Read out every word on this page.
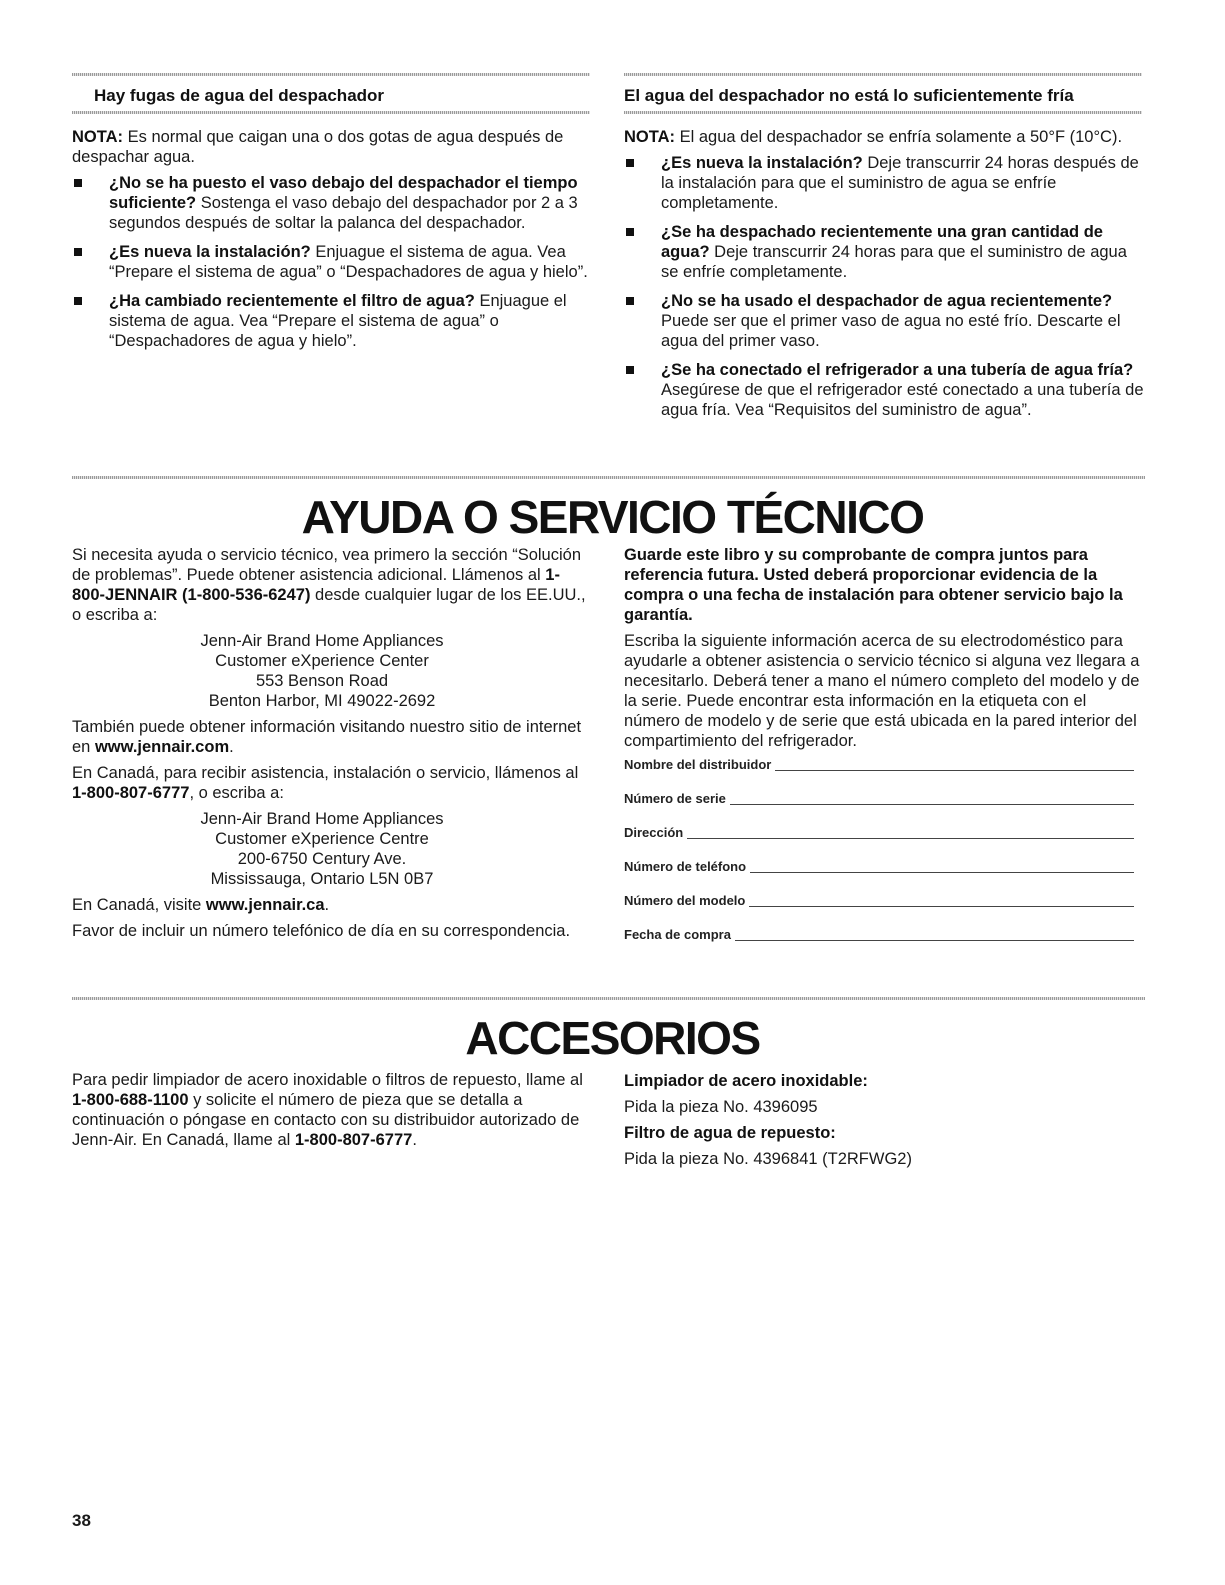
Hay fugas de agua del despachador

NOTA: Es normal que caigan una o dos gotas de agua después de despachar agua.

¿No se ha puesto el vaso debajo del despachador el tiempo suficiente? Sostenga el vaso debajo del despachador por 2 a 3 segundos después de soltar la palanca del despachador.
¿Es nueva la instalación? Enjuague el sistema de agua. Vea “Prepare el sistema de agua” o “Despachadores de agua y hielo”.
¿Ha cambiado recientemente el filtro de agua? Enjuague el sistema de agua. Vea “Prepare el sistema de agua” o “Despachadores de agua y hielo”.
El agua del despachador no está lo suficientemente fría

NOTA: El agua del despachador se enfría solamente a 50°F (10°C).

¿Es nueva la instalación? Deje transcurrir 24 horas después de la instalación para que el suministro de agua se enfríe completamente.
¿Se ha despachado recientemente una gran cantidad de agua? Deje transcurrir 24 horas para que el suministro de agua se enfríe completamente.
¿No se ha usado el despachador de agua recientemente? Puede ser que el primer vaso de agua no esté frío. Descarte el agua del primer vaso.
¿Se ha conectado el refrigerador a una tubería de agua fría? Asegúrese de que el refrigerador esté conectado a una tubería de agua fría. Vea “Requisitos del suministro de agua”.
AYUDA O SERVICIO TÉCNICO

Si necesita ayuda o servicio técnico, vea primero la sección “Solución de problemas”. Puede obtener asistencia adicional. Llámenos al 1-800-JENNAIR (1-800-536-6247) desde cualquier lugar de los EE.UU., o escriba a:

Jenn-Air Brand Home Appliances
Customer eXperience Center
553 Benson Road
Benton Harbor, MI 49022-2692

También puede obtener información visitando nuestro sitio de internet en www.jennair.com.

En Canadá, para recibir asistencia, instalación o servicio, llámenos al 1-800-807-6777, o escriba a:

Jenn-Air Brand Home Appliances
Customer eXperience Centre
200-6750 Century Ave.
Mississauga, Ontario L5N 0B7

En Canadá, visite www.jennair.ca.

Favor de incluir un número telefónico de día en su correspondencia.

Guarde este libro y su comprobante de compra juntos para referencia futura. Usted deberá proporcionar evidencia de la compra o una fecha de instalación para obtener servicio bajo la garantía.

Escriba la siguiente información acerca de su electrodoméstico para ayudarle a obtener asistencia o servicio técnico si alguna vez llegara a necesitarlo. Deberá tener a mano el número completo del modelo y de la serie. Puede encontrar esta información en la etiqueta con el número de modelo y de serie que está ubicada en la pared interior del compartimiento del refrigerador.

Nombre del distribuidor
Número de serie
Dirección
Número de teléfono
Número del modelo
Fecha de compra
ACCESORIOS

Para pedir limpiador de acero inoxidable o filtros de repuesto, llame al 1-800-688-1100 y solicite el número de pieza que se detalla a continuación o póngase en contacto con su distribuidor autorizado de Jenn-Air. En Canadá, llame al 1-800-807-6777.

Limpiador de acero inoxidable:

Pida la pieza No. 4396095

Filtro de agua de repuesto:

Pida la pieza No. 4396841 (T2RFWG2)

38
